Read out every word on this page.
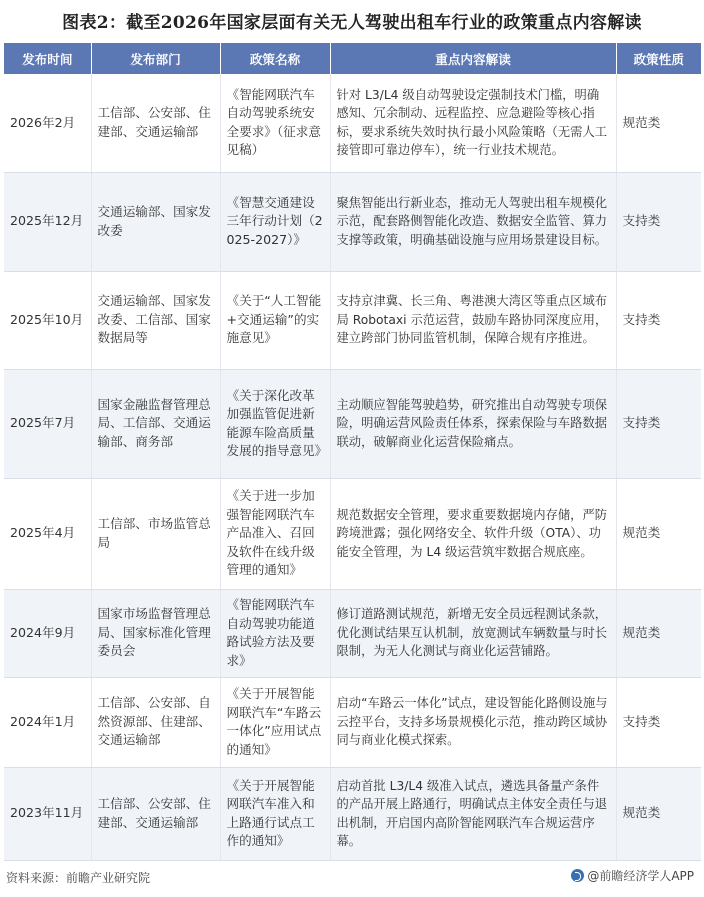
图表2：截至2026年国家层面有关无人驾驶出租车行业的政策重点内容解读
发布时间	发布部门	政策名称	重点内容解读	政策性质
2026年2月	工信部、公安部、住建部、交通运输部	《智能网联汽车自动驾驶系统安全要求》（征求意见稿）	针对 L3/L4 级自动驾驶设定强制技术门槛，明确感知、冗余制动、远程监控、应急避险等核心指标，要求系统失效时执行最小风险策略（无需人工接管即可靠边停车），统一行业技术规范。	规范类
2025年12月	交通运输部、国家发改委	《智慧交通建设三年行动计划（2025-2027）》	聚焦智能出行新业态，推动无人驾驶出租车规模化示范，配套路侧智能化改造、数据安全监管、算力支撑等政策，明确基础设施与应用场景建设目标。	支持类
2025年10月	交通运输部、国家发改委、工信部、国家数据局等	《关于“人工智能+交通运输”的实施意见》	支持京津冀、长三角、粤港澳大湾区等重点区域布局 Robotaxi 示范运营，鼓励车路协同深度应用，建立跨部门协同监管机制，保障合规有序推进。	支持类
2025年7月	国家金融监督管理总局、工信部、交通运输部、商务部	《关于深化改革加强监管促进新能源车险高质量发展的指导意见》	主动顺应智能驾驶趋势，研究推出自动驾驶专项保险，明确运营风险责任体系，探索保险与车路数据联动，破解商业化运营保险痛点。	支持类
2025年4月	工信部、市场监管总局	《关于进一步加强智能网联汽车产品准入、召回及软件在线升级管理的通知》	规范数据安全管理，要求重要数据境内存储，严防跨境泄露；强化网络安全、软件升级（OTA）、功能安全管理，为 L4 级运营筑牢数据合规底座。	规范类
2024年9月	国家市场监督管理总局、国家标准化管理委员会	《智能网联汽车自动驾驶功能道路试验方法及要求》	修订道路测试规范，新增无安全员远程测试条款，优化测试结果互认机制，放宽测试车辆数量与时长限制，为无人化测试与商业化运营铺路。	规范类
2024年1月	工信部、公安部、自然资源部、住建部、交通运输部	《关于开展智能网联汽车“车路云一体化”应用试点的通知》	启动“车路云一体化”试点，建设智能化路侧设施与云控平台，支持多场景规模化示范，推动跨区域协同与商业化模式探索。	支持类
2023年11月	工信部、公安部、住建部、交通运输部	《关于开展智能网联汽车准入和上路通行试点工作的通知》	启动首批 L3/L4 级准入试点，遴选具备量产条件的产品开展上路通行，明确试点主体安全责任与退出机制，开启国内高阶智能网联汽车合规运营序幕。	规范类
资料来源：前瞻产业研究院	@前瞻经济学人APP
